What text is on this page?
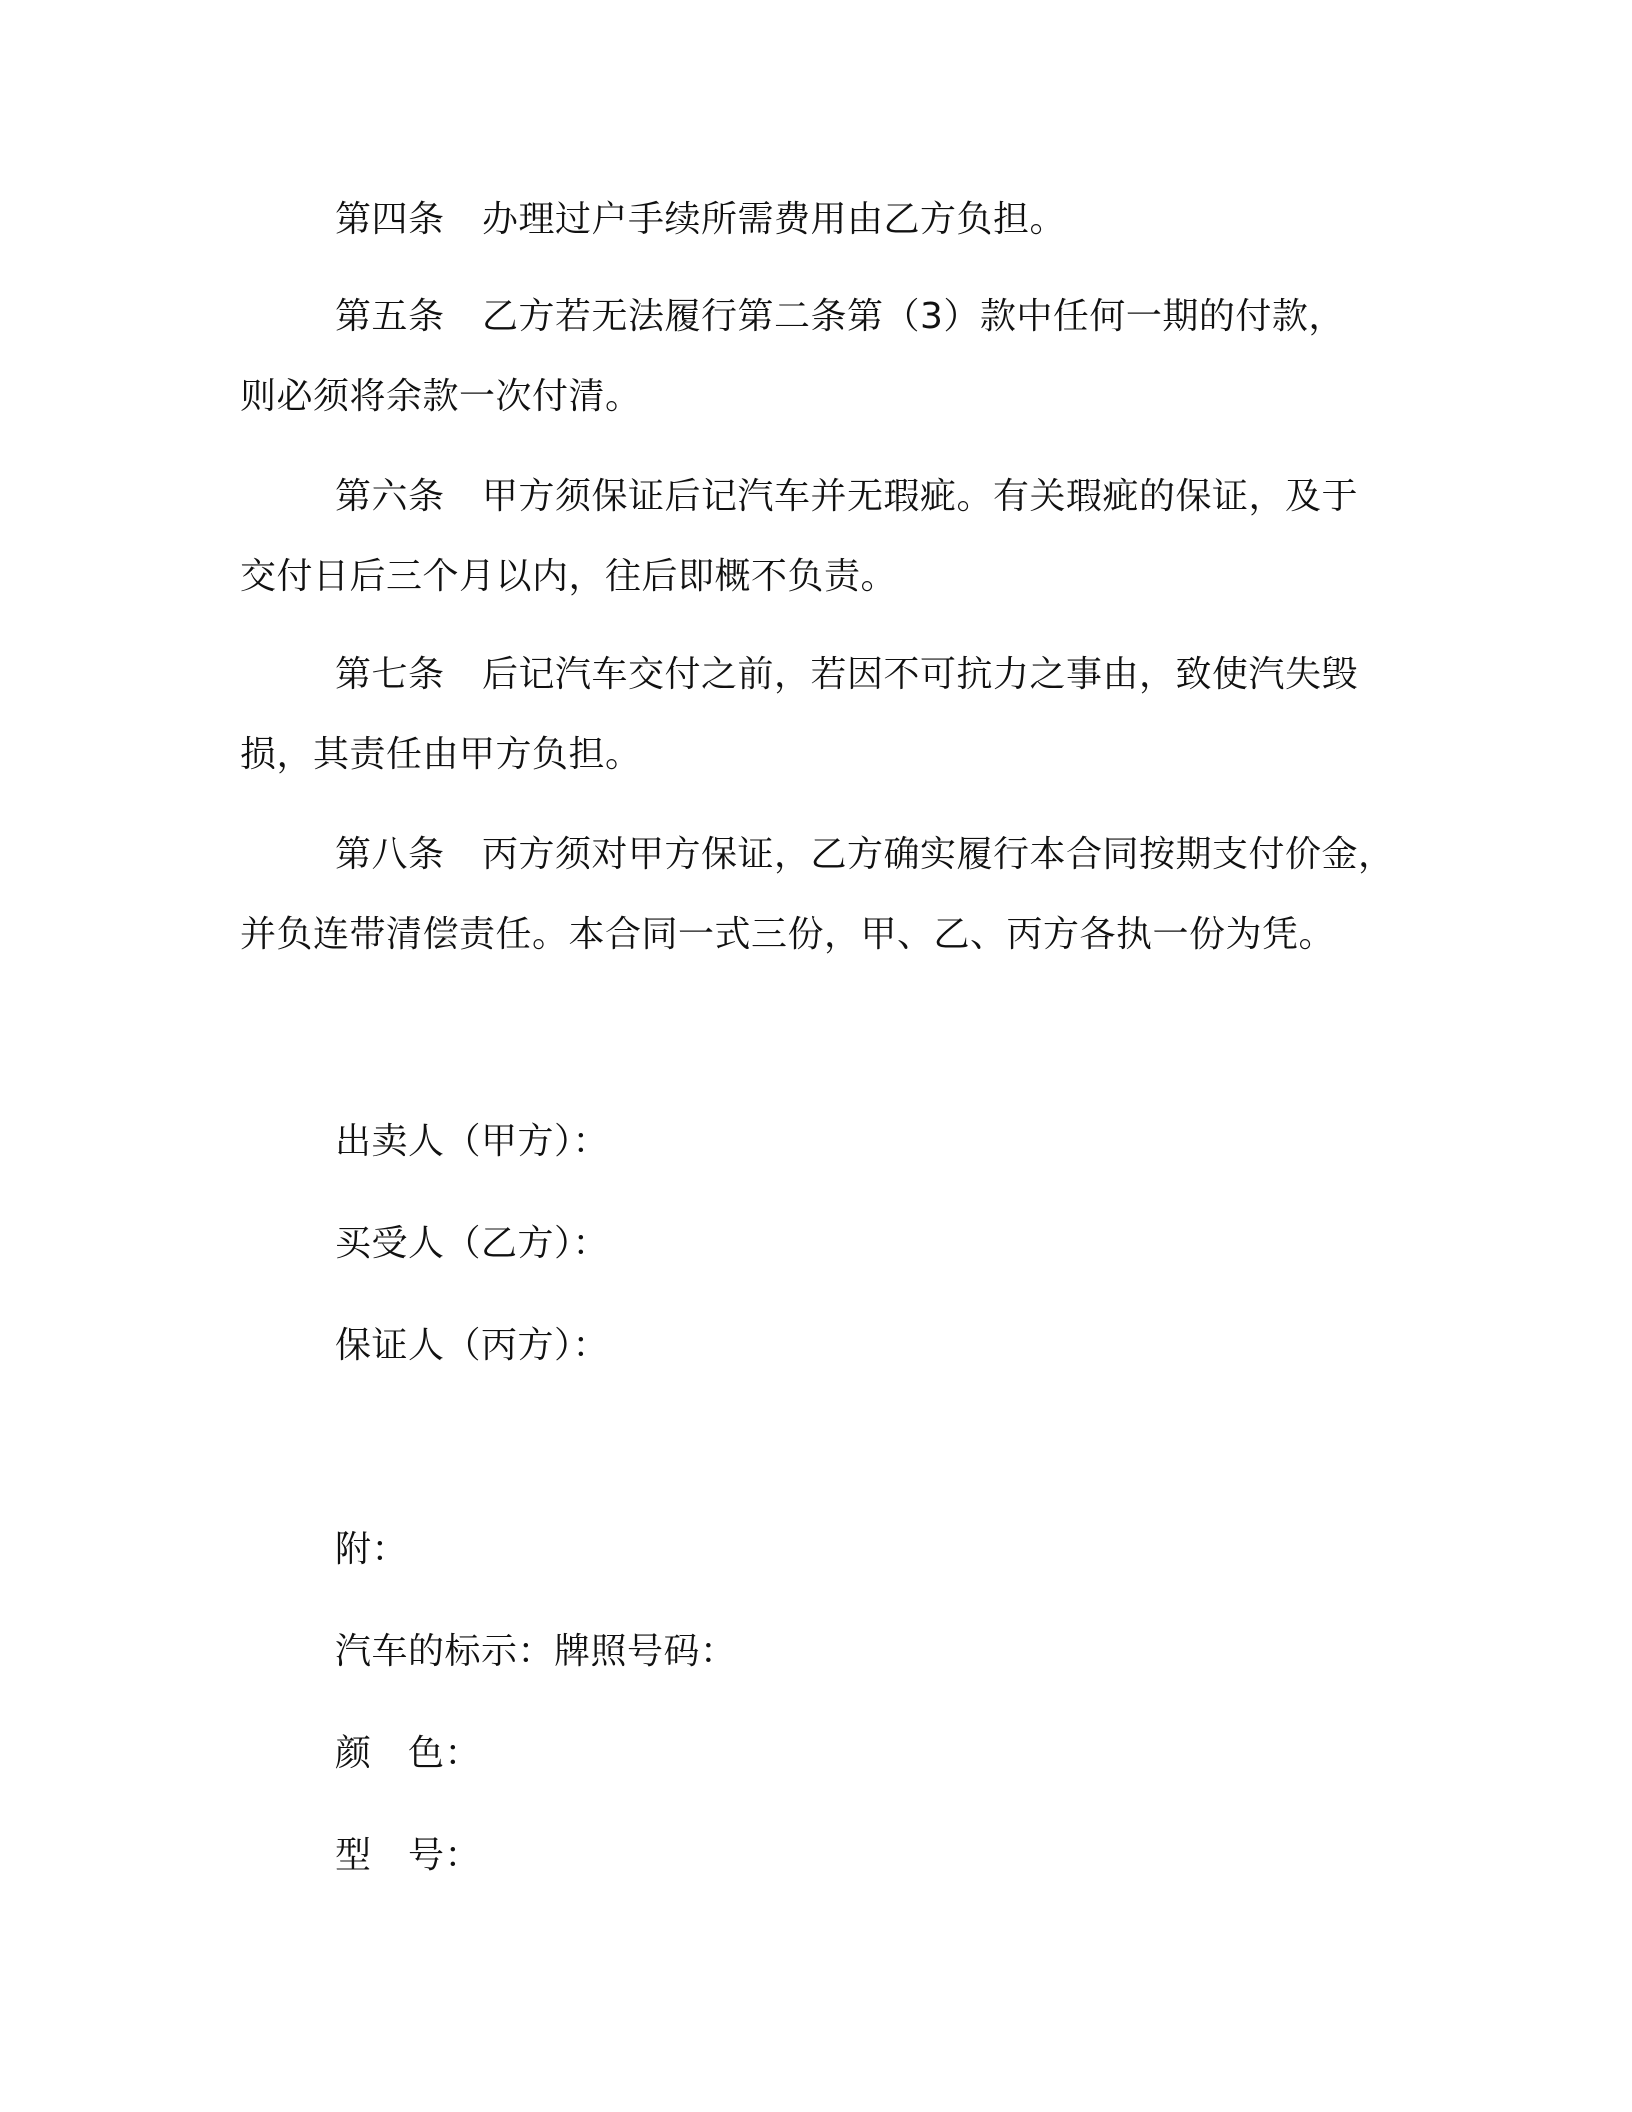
第四条 办理过户手续所需费用由乙方负担。
第五条 乙方若无法履行第二条第（3）款中任何一期的付款，
则必须将余款一次付清。
第六条 甲方须保证后记汽车并无瑕疵。有关瑕疵的保证，及于
交付日后三个月以内，往后即概不负责。
第七条 后记汽车交付之前，若因不可抗力之事由，致使汽失毁
损，其责任由甲方负担。
第八条 丙方须对甲方保证，乙方确实履行本合同按期支付价金，
并负连带清偿责任。本合同一式三份，甲、乙、丙方各执一份为凭。

出卖人（甲方）：

买受人（乙方）：

保证人（丙方）：

附：

汽车的标示：牌照号码：

颜　色：

型　号：
